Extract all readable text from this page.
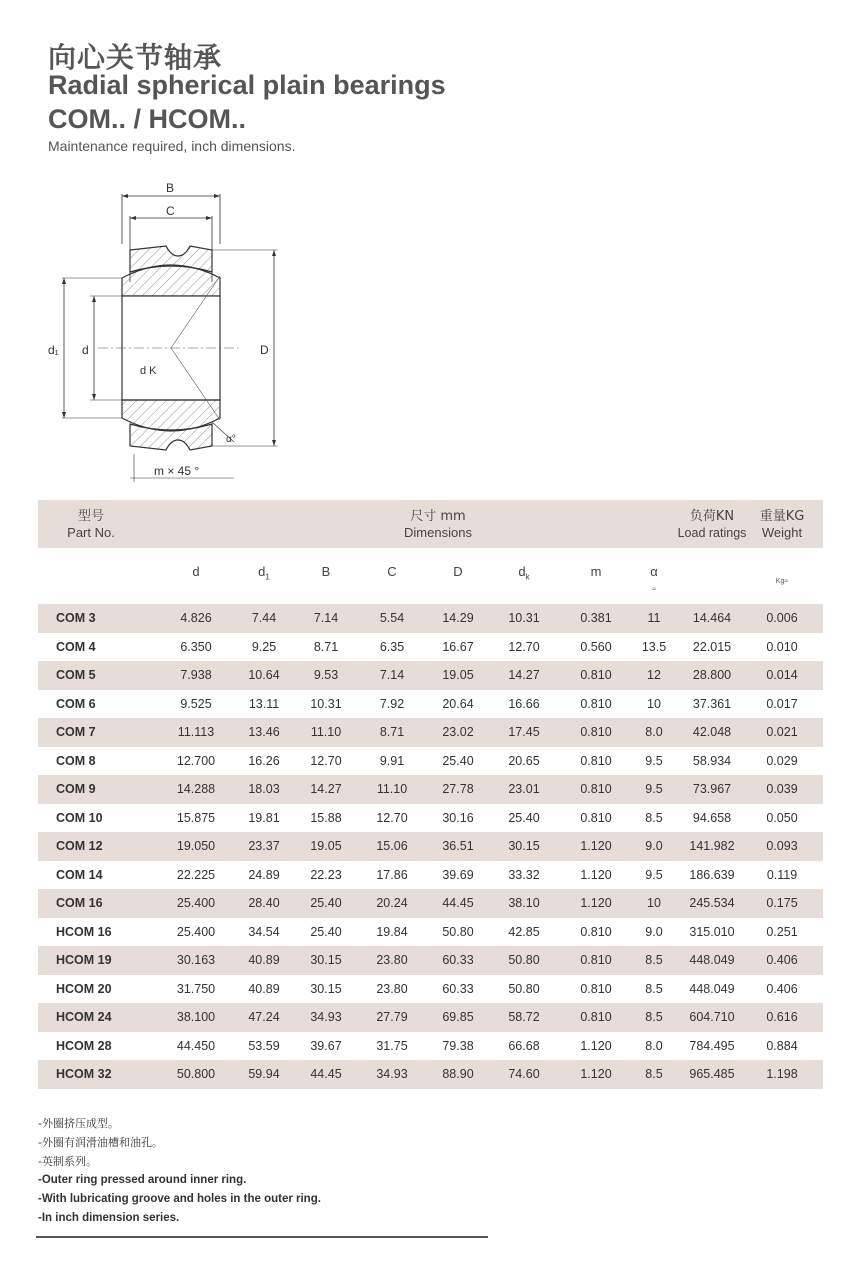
向心关节轴承
Radial spherical plain bearings
COM.. / HCOM..
Maintenance required, inch dimensions.
B
C
d₁ d	D
d K
α°
m × 45 °
型号
Part No.
尺寸 mm
Dimensions
负荷KN
Load ratings
重量KG
Weight
d	$d_1$	B	C	D	$d_k$	m	α
≈
Kg≈
COM 3	4.826	7.44	7.14	5.54	14.29	10.31	0.381	11	14.464	0.006
COM 4	6.350	9.25	8.71	6.35	16.67	12.70	0.560	13.5	22.015	0.010
COM 5	7.938	10.64	9.53	7.14	19.05	14.27	0.810	12	28.800	0.014
COM 6	9.525	13.11	10.31	7.92	20.64	16.66	0.810	10	37.361	0.017
COM 7	11.113	13.46	11.10	8.71	23.02	17.45	0.810	8.0	42.048	0.021
COM 8	12.700	16.26	12.70	9.91	25.40	20.65	0.810	9.5	58.934	0.029
COM 9	14.288	18.03	14.27	11.10	27.78	23.01	0.810	9.5	73.967	0.039
COM 10	15.875	19.81	15.88	12.70	30.16	25.40	0.810	8.5	94.658	0.050
COM 12	19.050	23.37	19.05	15.06	36.51	30.15	1.120	9.0	141.982	0.093
COM 14	22.225	24.89	22.23	17.86	39.69	33.32	1.120	9.5	186.639	0.119
COM 16	25.400	28.40	25.40	20.24	44.45	38.10	1.120	10	245.534	0.175
HCOM 16	25.400	34.54	25.40	19.84	50.80	42.85	0.810	9.0	315.010	0.251
HCOM 19	30.163	40.89	30.15	23.80	60.33	50.80	0.810	8.5	448.049	0.406
HCOM 20	31.750	40.89	30.15	23.80	60.33	50.80	0.810	8.5	448.049	0.406
HCOM 24	38.100	47.24	34.93	27.79	69.85	58.72	0.810	8.5	604.710	0.616
HCOM 28	44.450	53.59	39.67	31.75	79.38	66.68	1.120	8.0	784.495	0.884
HCOM 32	50.800	59.94	44.45	34.93	88.90	74.60	1.120	8.5	965.485	1.198
-外圈挤压成型。
-外圈有润滑油槽和油孔。
-英制系列。
-Outer ring pressed around inner ring.
-With lubricating groove and holes in the outer ring.
-In inch dimension series.
